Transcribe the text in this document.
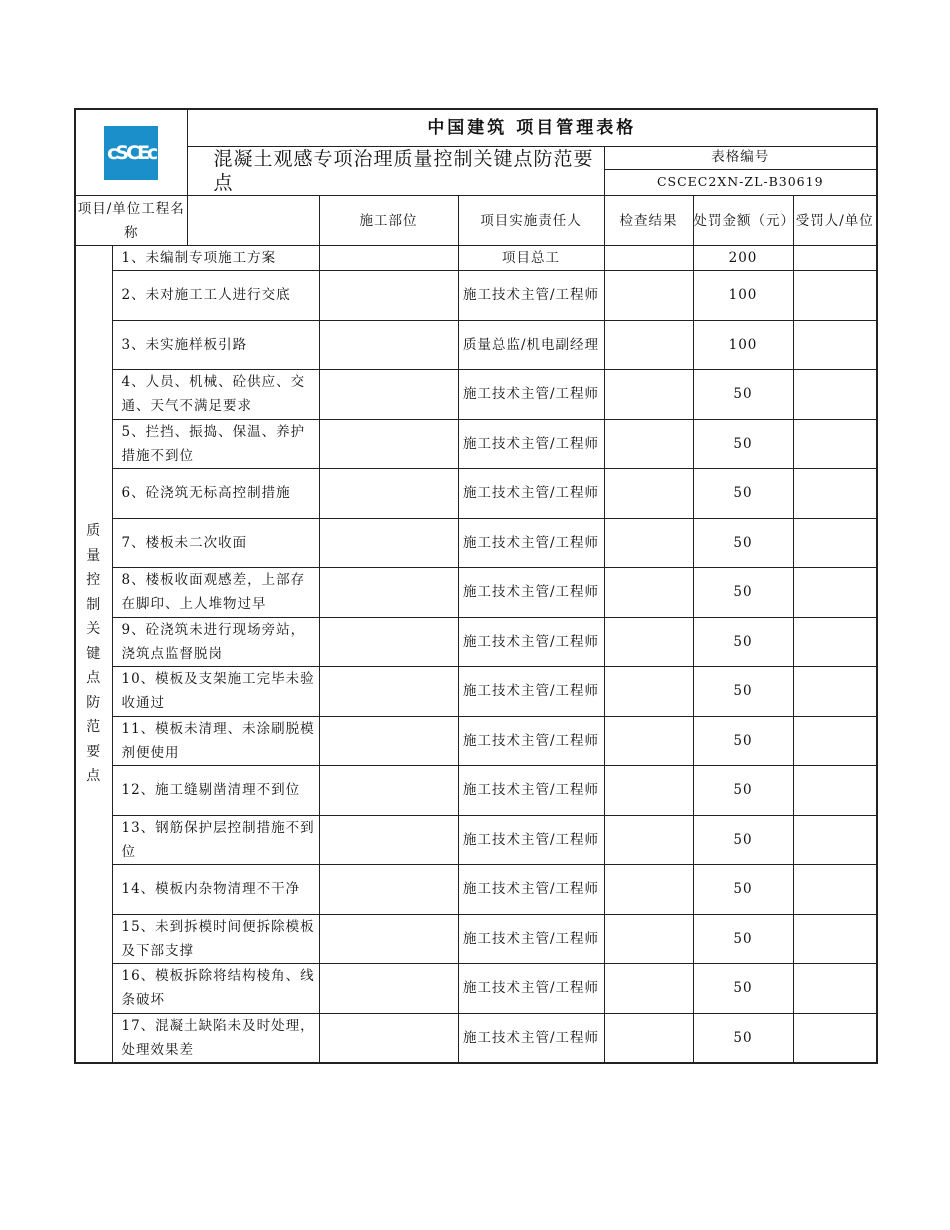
cSCEc		中国建筑 项目管理表格					
		混凝土观感专项治理质量控制关键点防范要点			表格编号		
					CSCEC2XN-ZL-B30619		
项目/单位工程名称			施工部位	项目实施责任人	检查结果	处罚金额（元）	受罚人/单位

质量控制关键点防范要点	1、未编制专项施工方案			项目总工		200	
	2、未对施工工人进行交底			施工技术主管/工程师		100	
	3、未实施样板引路			质量总监/机电副经理		100	
	4、人员、机械、砼供应、交通、天气不满足要求			施工技术主管/工程师		50	
	5、拦挡、振捣、保温、养护措施不到位			施工技术主管/工程师		50	
	6、砼浇筑无标高控制措施			施工技术主管/工程师		50	
	7、楼板未二次收面			施工技术主管/工程师		50	
	8、楼板收面观感差，上部存在脚印、上人堆物过早			施工技术主管/工程师		50	
	9、砼浇筑未进行现场旁站，浇筑点监督脱岗			施工技术主管/工程师		50	
	10、模板及支架施工完毕未验收通过			施工技术主管/工程师		50	
	11、模板未清理、未涂刷脱模剂便使用			施工技术主管/工程师		50	
	12、施工缝剔凿清理不到位			施工技术主管/工程师		50	
	13、钢筋保护层控制措施不到位			施工技术主管/工程师		50	
	14、模板内杂物清理不干净			施工技术主管/工程师		50	
	15、未到拆模时间便拆除模板及下部支撑			施工技术主管/工程师		50	
	16、模板拆除将结构棱角、线条破坏			施工技术主管/工程师		50	
	17、混凝土缺陷未及时处理，处理效果差			施工技术主管/工程师		50	
